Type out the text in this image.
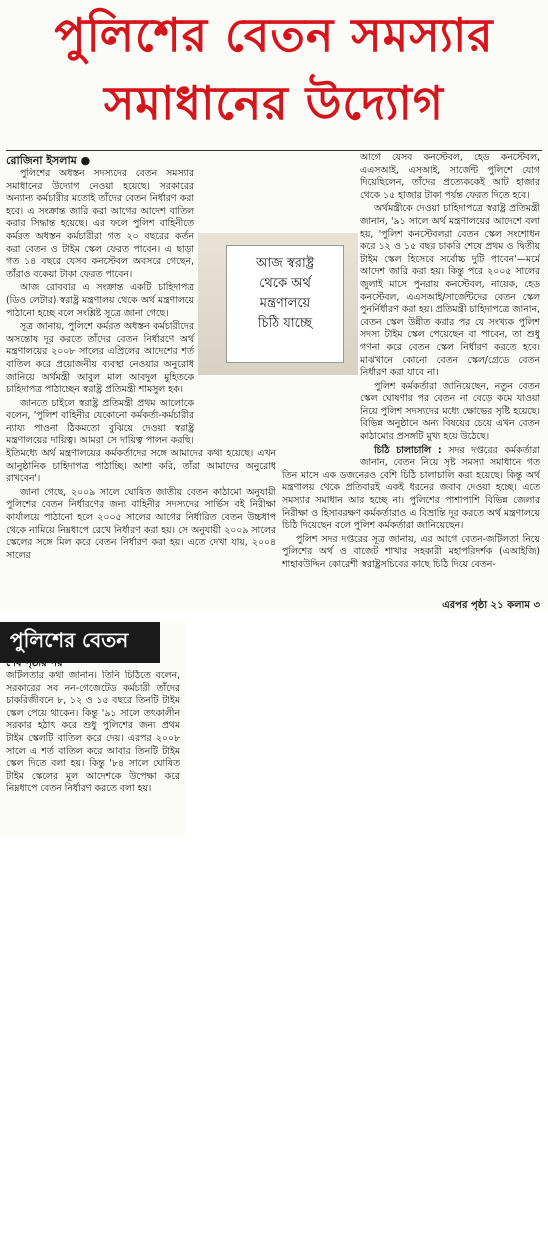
পুলিশের বেতন সমস্যার
সমাধানের উদ্যোগ
রোজিনা ইসলাম ●
আজ স্বরাষ্ট্র
থেকে অর্থ
মন্ত্রণালয়ে
চিঠি যাচ্ছে

পুলিশের অধস্তন সদস্যদের বেতন সমস্যার সমাধানের উদ্যোগ নেওয়া হয়েছে। সরকারের অন্যান্য কর্মচারীর মতোই তাঁদের বেতন নির্ধারণ করা হবে। এ সংক্রান্ত জারি করা আগের আদেশ বাতিল করার সিদ্ধান্ত হয়েছে। এর ফলে পুলিশ বাহিনীতে কর্মরত অধস্তন কর্মচারীরা গত ২০ বছরের কর্তন করা বেতন ও টাইম স্কেল ফেরত পাবেন। এ ছাড়া গত ১৪ বছরে যেসব কনস্টেবল অবসরে গেছেন, তাঁরাও বকেয়া টাকা ফেরত পাবেন।

আজ রোববার এ সংক্রান্ত একটি চাহিদাপত্র (ডিও লেটার) স্বরাষ্ট্র মন্ত্রণালয় থেকে অর্থ মন্ত্রণালয়ে পাঠানো হচ্ছে বলে সংশ্লিষ্ট সূত্রে জানা গেছে।

সূত্র জানায়, পুলিশে কর্মরত অধস্তন কর্মচারীদের অসন্তোষ দূর করতে তাঁদের বেতন নির্ধারণে অর্থ মন্ত্রণালয়ের ২০০৮ সালের এপ্রিলের আদেশের শর্ত বাতিল করে প্রয়োজনীয় ব্যবস্থা নেওয়ার অনুরোধ জানিয়ে অর্থমন্ত্রী আবুল মাল আবদুল মুহিতকে চাহিদাপত্র পাঠাচ্ছেন স্বরাষ্ট্র প্রতিমন্ত্রী শামসুল হক।

জানতে চাইলে স্বরাষ্ট্র প্রতিমন্ত্রী প্রথম আলোকে বলেন, 'পুলিশ বাহিনীর যেকোনো কর্মকর্তা-কর্মচারীর ন্যায্য পাওনা ঠিকমতো বুঝিয়ে দেওয়া স্বরাষ্ট্র মন্ত্রণালয়ের দায়িত্ব। আমরা সে দায়িত্ব পালন করছি। ইতিমধ্যে অর্থ মন্ত্রণালয়ের কর্মকর্তাদের সঙ্গে আমাদের কথা হয়েছে। এখন আনুষ্ঠানিক চাহিদাপত্র পাঠাচ্ছি। আশা করি, তাঁরা আমাদের অনুরোধ রাখবেন'।

জানা গেছে, ২০০৯ সালে ঘোষিত জাতীয় বেতন কাঠামো অনুযায়ী পুলিশের বেতন নির্ধারণের জন্য বাহিনীর সদস্যদের সার্ভিস বই নিরীক্ষা কার্যালয়ে পাঠানো হলে ২০০৫ সালের আগের নির্ধারিত বেতন উচ্চধাপ থেকে নামিয়ে নিম্নধাপে রেখে নির্ধারণ করা হয়। সে অনুযায়ী ২০০৯ সালের স্কেলের সঙ্গে মিল করে বেতন নির্ধারণ করা হয়। এতে দেখা যায়, ২০০৪ সালের

আগে যেসব কনস্টেবল, হেড কনস্টেবল, এএসআই, এসআই, সার্জেন্ট পুলিশে যোগ দিয়েছিলেন, তাঁদের প্রত্যেককেই আট হাজার থেকে ১৫ হাজার টাকা পর্যন্ত ফেরত দিতে হবে।

অর্থমন্ত্রীকে দেওয়া চাহিদাপত্রে স্বরাষ্ট্র প্রতিমন্ত্রী জানান, '৯১ সালে অর্থ মন্ত্রণালয়ের আদেশে বলা হয়, 'পুলিশ কনস্টেবলরা বেতন স্কেল সংশোধন করে ১২ ও ১৫ বছর চাকরি শেষে প্রথম ও দ্বিতীয় টাইম স্কেল হিসেবে সর্বোচ্চ দুটি পাবেন'—মর্মে আদেশ জারি করা হয়। কিন্তু পরে ২০০৫ সালের জুলাই মাসে পুনরায় কনস্টেবল, নায়েক, হেড কনস্টেবল, এএসআই/সার্জেন্টদের বেতন স্কেল পুনর্নির্ধারণ করা হয়। প্রতিমন্ত্রী চাহিদাপত্রে জানান, বেতন স্কেল উন্নীত করার পর যে সংখ্যক পুলিশ সদস্য টাইম স্কেল পেয়েছেন বা পাবেন, তা শুধু গণনা করে বেতন স্কেল নির্ধারণ করতে হবে। মাঝখানে কোনো বেতন স্কেল/গ্রেডে বেতন নির্ধারণ করা যাবে না।

পুলিশ কর্মকর্তারা জানিয়েছেন, নতুন বেতন স্কেল ঘোষণার পর বেতন না বেড়ে কমে যাওয়া নিয়ে পুলিশ সদস্যদের মধ্যে ক্ষোভের সৃষ্টি হয়েছে। বিভিন্ন অনুষ্ঠানে অন্য বিষয়ের চেয়ে এখন বেতন কাঠামোর প্রসঙ্গটি মুখ্য হয়ে উঠেছে।

চিঠি চালাচালি : সদর দপ্তরের কর্মকর্তারা জানান, বেতন নিয়ে সৃষ্ট সমস্যা সমাধানে গত তিন মাসে এক ডজনেরও বেশি চিঠি চালাচালি করা হয়েছে। কিন্তু অর্থ মন্ত্রণালয় থেকে প্রতিবারই একই ধরনের জবাব দেওয়া হচ্ছে। এতে সমস্যার সমাধান আর হচ্ছে না। পুলিশের পাশাপাশি বিভিন্ন জেলার নিরীক্ষা ও হিসাবরক্ষণ কর্মকর্তারাও এ বিভ্রান্তি দূর করতে অর্থ মন্ত্রণালয়ে চিঠি দিয়েছেন বলে পুলিশ কর্মকর্তারা জানিয়েছেন।

পুলিশ সদর দপ্তরের সূত্র জানায়, এর আগে বেতন-জটিলতা নিয়ে পুলিশের অর্থ ও বাজেট শাখার সহকারী মহাপরিদর্শক (এআইজি) শাহাবউদ্দিন কোরেশী স্বরাষ্ট্রসচিবের কাছে চিঠি দিয়ে বেতন-

এরপর পৃষ্ঠা ২১ কলাম ৩
পুলিশের বেতন
শেষ পৃষ্ঠার পর
জটিলতার কথা জানান। তিনি চিঠিতে বলেন, সরকারের সব নন-গেজেটেড কর্মচারী তাঁদের চাকরিজীবনে ৮, ১২ ও ১৫ বছরে তিনটি টাইম স্কেল পেয়ে থাকেন। কিন্তু '৯১ সালে তৎকালীন সরকার হঠাৎ করে শুধু পুলিশের জন্য প্রথম টাইম স্কেলটি বাতিল করে দেয়। এরপর ২০০৮ সালে এ শর্ত বাতিল করে আবার তিনটি টাইম স্কেল দিতে বলা হয়। কিন্তু '৮৪ সালে ঘোষিত টাইম স্কেলের মূল আদেশকে উপেক্ষা করে নিম্নধাপে বেতন নির্ধারণ করতে বলা হয়।
